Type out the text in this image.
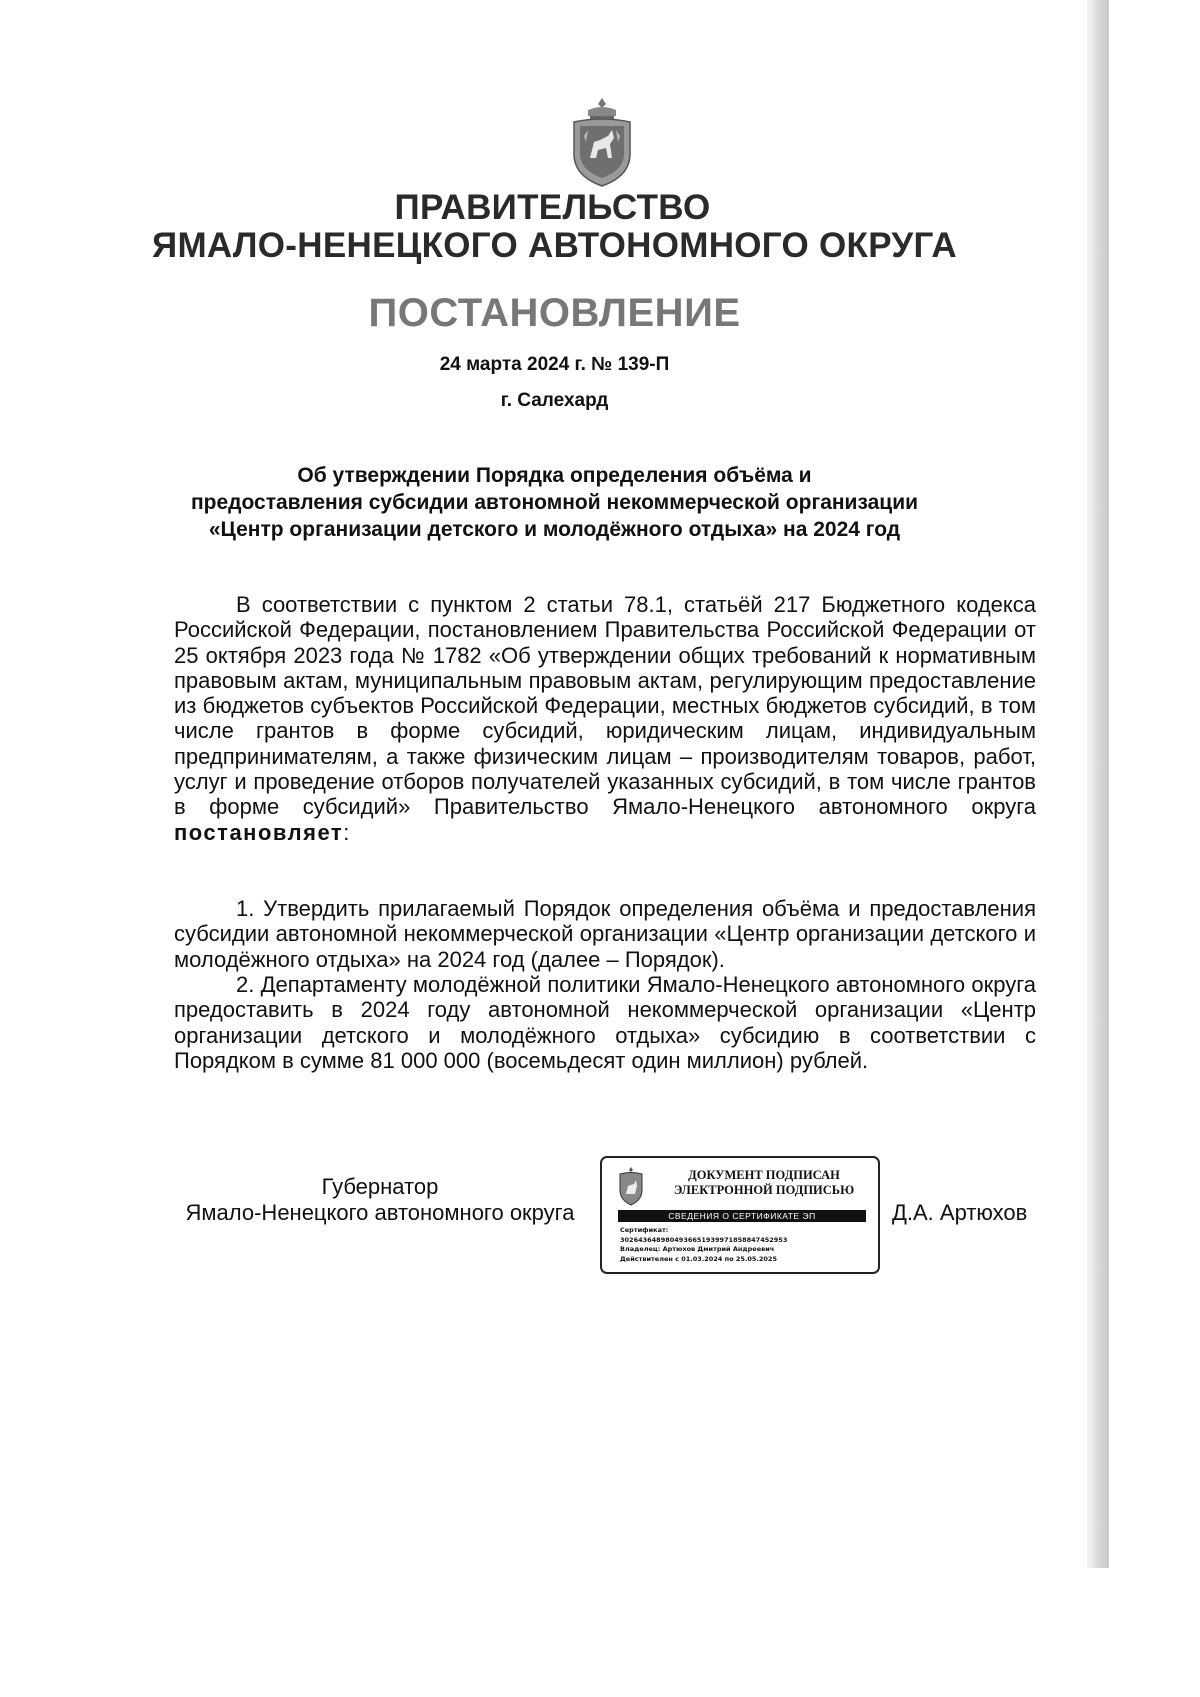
ПРАВИТЕЛЬСТВО
ЯМАЛО-НЕНЕЦКОГО АВТОНОМНОГО ОКРУГА
ПОСТАНОВЛЕНИЕ
24 марта 2024 г. № 139-П
г. Салехард
Об утверждении Порядка определения объёма и
предоставления субсидии автономной некоммерческой организации
«Центр организации детского и молодёжного отдыха» на 2024 год

В соответствии с пунктом 2 статьи 78.1, статьёй 217 Бюджетного кодекса Российской Федерации, постановлением Правительства Российской Федерации от 25 октября 2023 года № 1782 «Об утверждении общих требований к нормативным правовым актам, муниципальным правовым актам, регулирующим предоставление из бюджетов субъектов Российской Федерации, местных бюджетов субсидий, в том числе грантов в форме субсидий, юридическим лицам, индивидуальным предпринимателям, а также физическим лицам – производителям товаров, работ, услуг и проведение отборов получателей указанных субсидий, в том числе грантов в форме субсидий» Правительство Ямало-Ненецкого автономного округа постановляет:

1. Утвердить прилагаемый Порядок определения объёма и предоставления субсидии автономной некоммерческой организации «Центр организации детского и молодёжного отдыха» на 2024 год (далее – Порядок).

2. Департаменту молодёжной политики Ямало-Ненецкого автономного округа предоставить в 2024 году автономной некоммерческой организации «Центр организации детского и молодёжного отдыха» субсидию в соответствии с Порядком в сумме 81 000 000 (восемьдесят один миллион) рублей.

Губернатор
Ямало-Ненецкого автономного округа
ДОКУМЕНТ ПОДПИСАН
ЭЛЕКТРОННОЙ ПОДПИСЬЮ
СВЕДЕНИЯ О СЕРТИФИКАТЕ ЭП
Сертификат:
3026436489804936651939971858847452953
Владелец: Артюхов Дмитрий Андреевич
Действителен с 01.03.2024 по 25.05.2025
Д.А. Артюхов
